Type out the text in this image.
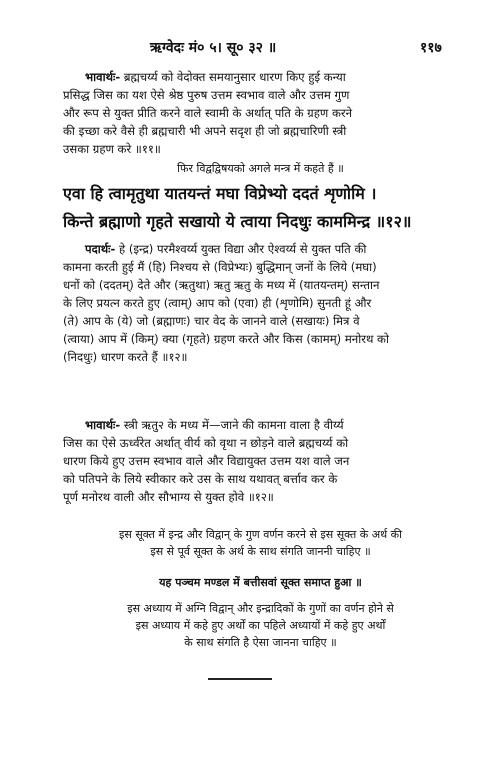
ऋग्वेदः मं० ५। सू० ३२ ॥	११७
भावार्थः- ब्रह्मचर्य्य को वेदोक्त समयानुसार धारण किए हुई कन्या
प्रसिद्ध जिस का यश ऐसे श्रेष्ठ पुरुष उत्तम स्वभाव वाले और उत्तम गुण
और रूप से युक्त प्रीति करने वाले स्वामी के अर्थात् पति के ग्रहण करने
की इच्छा करे वैसे ही ब्रह्मचारी भी अपने सदृश ही जो ब्रह्मचारिणी स्त्री
उसका ग्रहण करे ॥११॥
फिर विद्वद्विषयको अगले मन्त्र में कहते हैं ॥
एवा हि त्वामृतुथा यातयन्तं मघा विप्रेभ्यो ददतं शृणोमि ।
किन्ते ब्रह्माणो गृहते सखायो ये त्वाया निदधुः काममिन्द्र ॥१२॥
पदार्थः- हे (इन्द्र) परमैश्वर्य्य युक्त विद्या और ऐश्वर्य्य से युक्त पति की
कामना करती हुई मैं (हि) निश्चय से (विप्रेभ्यः) बुद्धिमान् जनों के लिये (मघा)
धनों को (ददतम्) देते और (ऋतुथा) ऋतु ऋतु के मध्य में (यातयन्तम्) सन्तान
के लिए प्रयत्न करते हुए (त्वाम्) आप को (एवा) ही (शृणोमि) सुनती हूं और
(ते) आप के (ये) जो (ब्रह्माणः) चार वेद के जानने वाले (सखायः) मित्र वे
(त्वाया) आप में (किम्) क्या (गृहते) ग्रहण करते और किस (कामम्) मनोरथ को
(निदधुः) धारण करते हैं ॥१२॥
भावार्थः- स्त्री ऋतु२ के मध्य में—जाने की कामना वाला है वीर्य्य
जिस का ऐसे ऊर्ध्वरेत अर्थात् वीर्य को वृथा न छोड़ने वाले ब्रह्मचर्य्य को
धारण किये हुए उत्तम स्वभाव वाले और विद्यायुक्त उत्तम यश वाले जन
को पतिपने के लिये स्वीकार करे उस के साथ यथावत् बर्त्ताव कर के
पूर्ण मनोरथ वाली और सौभाग्य से युक्त होवे ॥१२॥
इस सूक्त में इन्द्र और विद्वान् के गुण वर्णन करने से इस सूक्त के अर्थ की
इस से पूर्व सूक्त के अर्थ के साथ संगति जाननी चाहिए ॥
यह पञ्चम मण्डल में बत्तीसवां सूक्त समाप्त हुआ ॥
इस अध्याय में अग्नि विद्वान् और इन्द्रादिकों के गुणों का वर्णन होने से
इस अध्याय में कहे हुए अर्थों का पहिले अध्यायों में कहे हुए अर्थों
के साथ संगति है ऐसा जानना चाहिए ॥
